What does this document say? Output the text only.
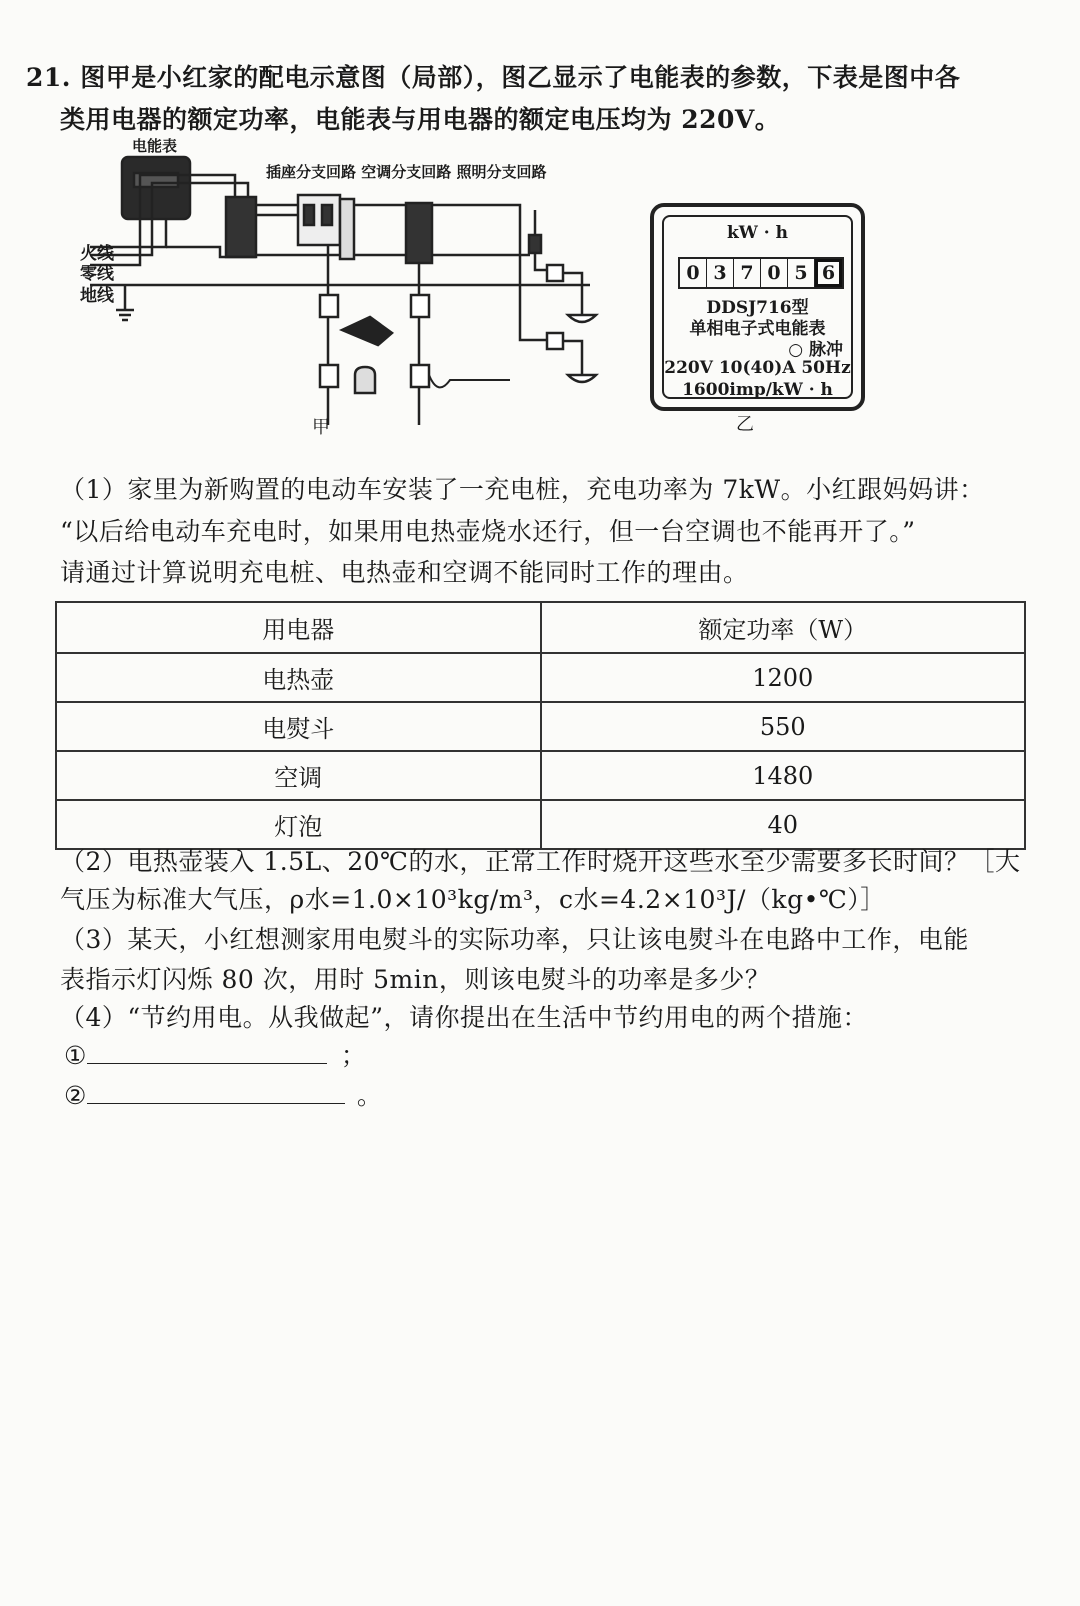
21. 图甲是小红家的配电示意图（局部），图乙显示了电能表的参数，下表是图中各
类用电器的额定功率，电能表与用电器的额定电压均为 220V。
电能表
插座分支回路 空调分支回路 照明分支回路
火线
零线
地线
甲
kW · h
0 3 7 0 5 6
DDSJ716型
单相电子式电能表
○ 脉冲
220V 10(40)A 50Hz
1600imp/kW · h
乙
（1）家里为新购置的电动车安装了一充电桩，充电功率为 7kW。小红跟妈妈讲：
“以后给电动车充电时，如果用电热壶烧水还行，但一台空调也不能再开了。”
请通过计算说明充电桩、电热壶和空调不能同时工作的理由。
用电器	额定功率（W）
电热壶	1200
电熨斗	550
空调	1480
灯泡	40
（2）电热壶装入 1.5L、20℃的水，正常工作时烧开这些水至少需要多长时间？［大
气压为标准大气压，ρ水=1.0×10³kg/m³，c水=4.2×10³J/（kg•℃）］
（3）某天，小红想测家用电熨斗的实际功率，只让该电熨斗在电路中工作，电能
表指示灯闪烁 80 次，用时 5min，则该电熨斗的功率是多少？
（4）“节约用电。从我做起”，请你提出在生活中节约用电的两个措施：
①	；
②	。
